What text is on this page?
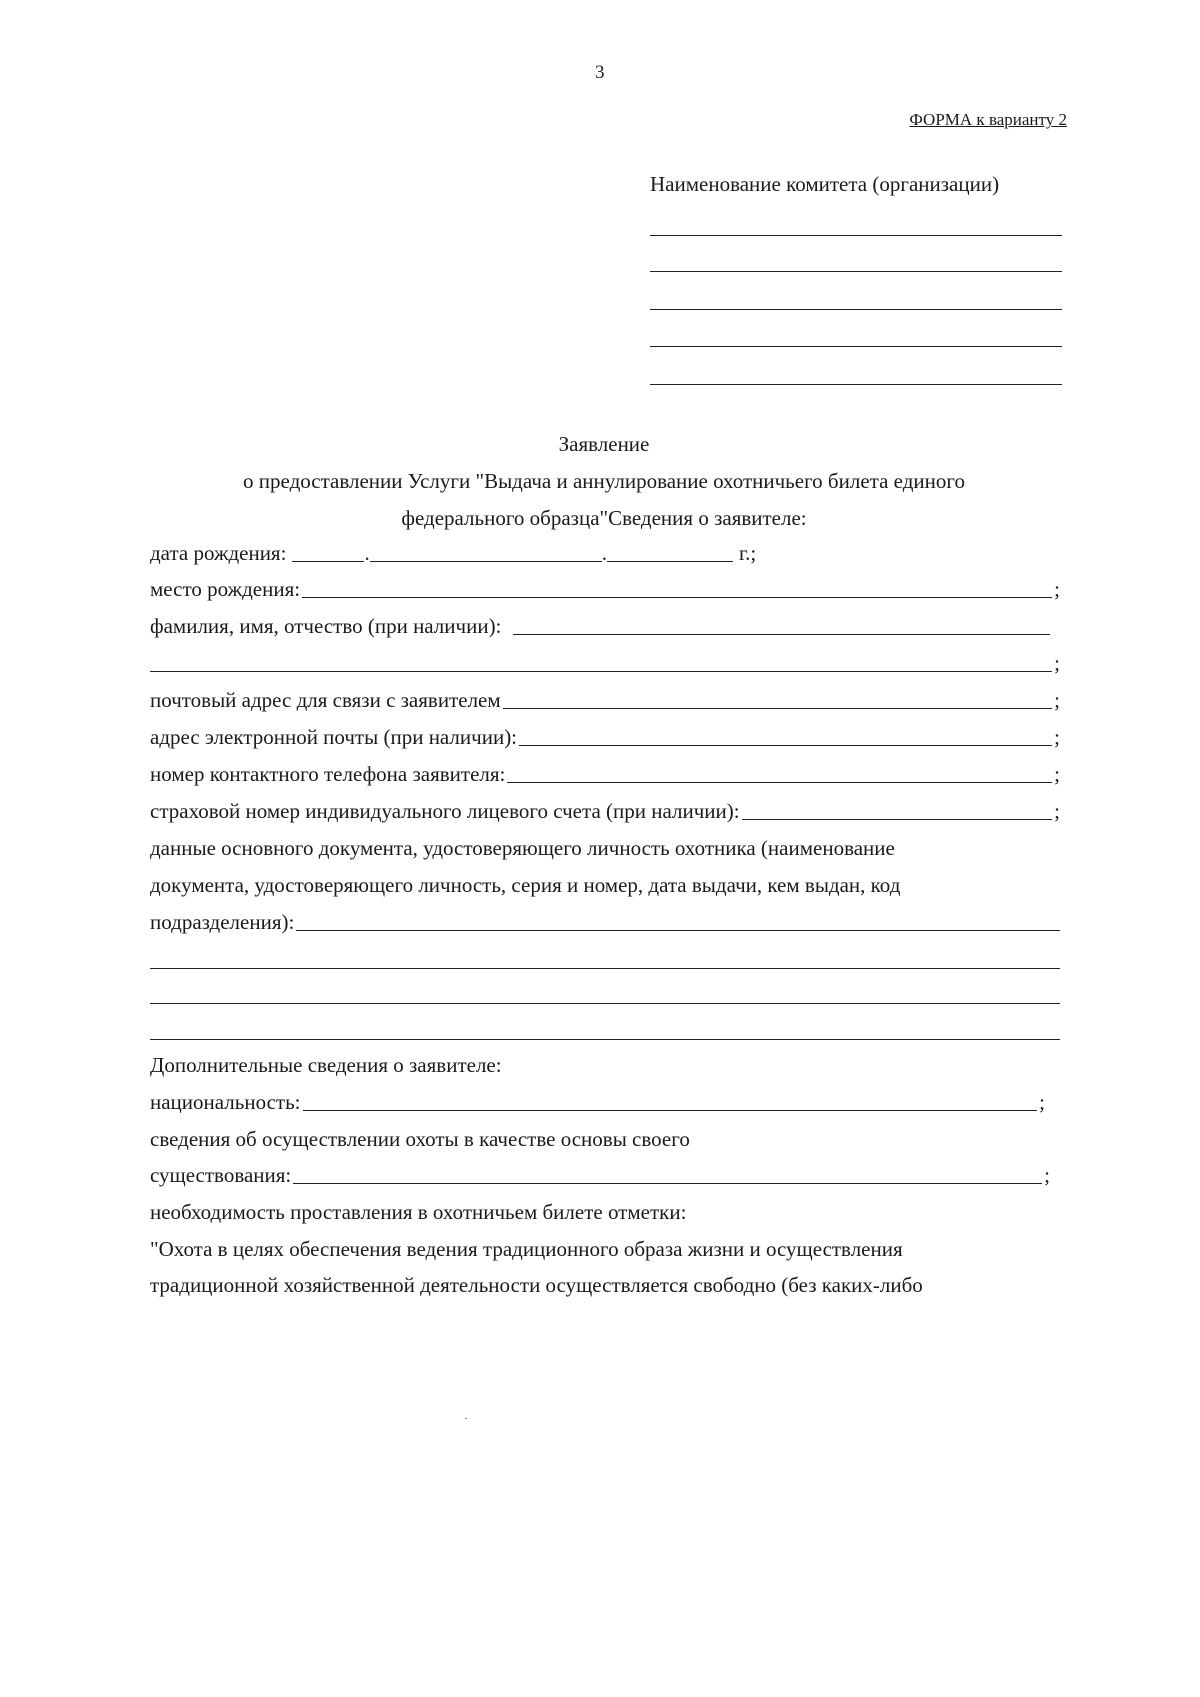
3
ФОРМА к варианту 2
Наименование комитета (организации)
Заявление
о предоставлении Услуги "Выдача и аннулирование охотничьего билета единого
федерального образца"Сведения о заявителе:
дата рождения:	.	.	г.;
место рождения:	;
фамилия, имя, отчество (при наличии):
;
почтовый адрес для связи с заявителем	;
адрес электронной почты (при наличии):	;
номер контактного телефона заявителя:	;
страховой номер индивидуального лицевого счета (при наличии):	;
данные основного документа, удостоверяющего личность охотника (наименование
документа, удостоверяющего личность, серия и номер, дата выдачи, кем выдан, код
подразделения):
Дополнительные сведения о заявителе:
национальность:	;
сведения об осуществлении охоты в качестве основы своего
существования:	;
необходимость проставления в охотничьем билете отметки:
"Охота в целях обеспечения ведения традиционного образа жизни и осуществления
традиционной хозяйственной деятельности осуществляется свободно (без каких-либо
